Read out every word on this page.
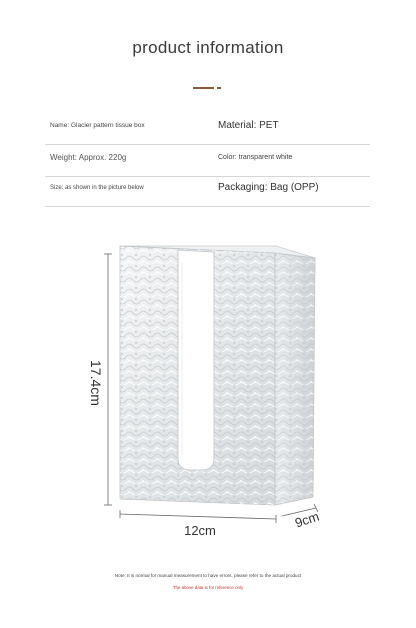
product information
Name: Glacier pattern tissue box	Material: PET
Weight: Approx. 220g	Color: transparent white
Size: as shown in the picture below	Packaging: Bag (OPP)
17.4cm
12cm
9cm
Note: It is normal for manual measurement to have errors, please refer to the actual product
The above data is for reference only
